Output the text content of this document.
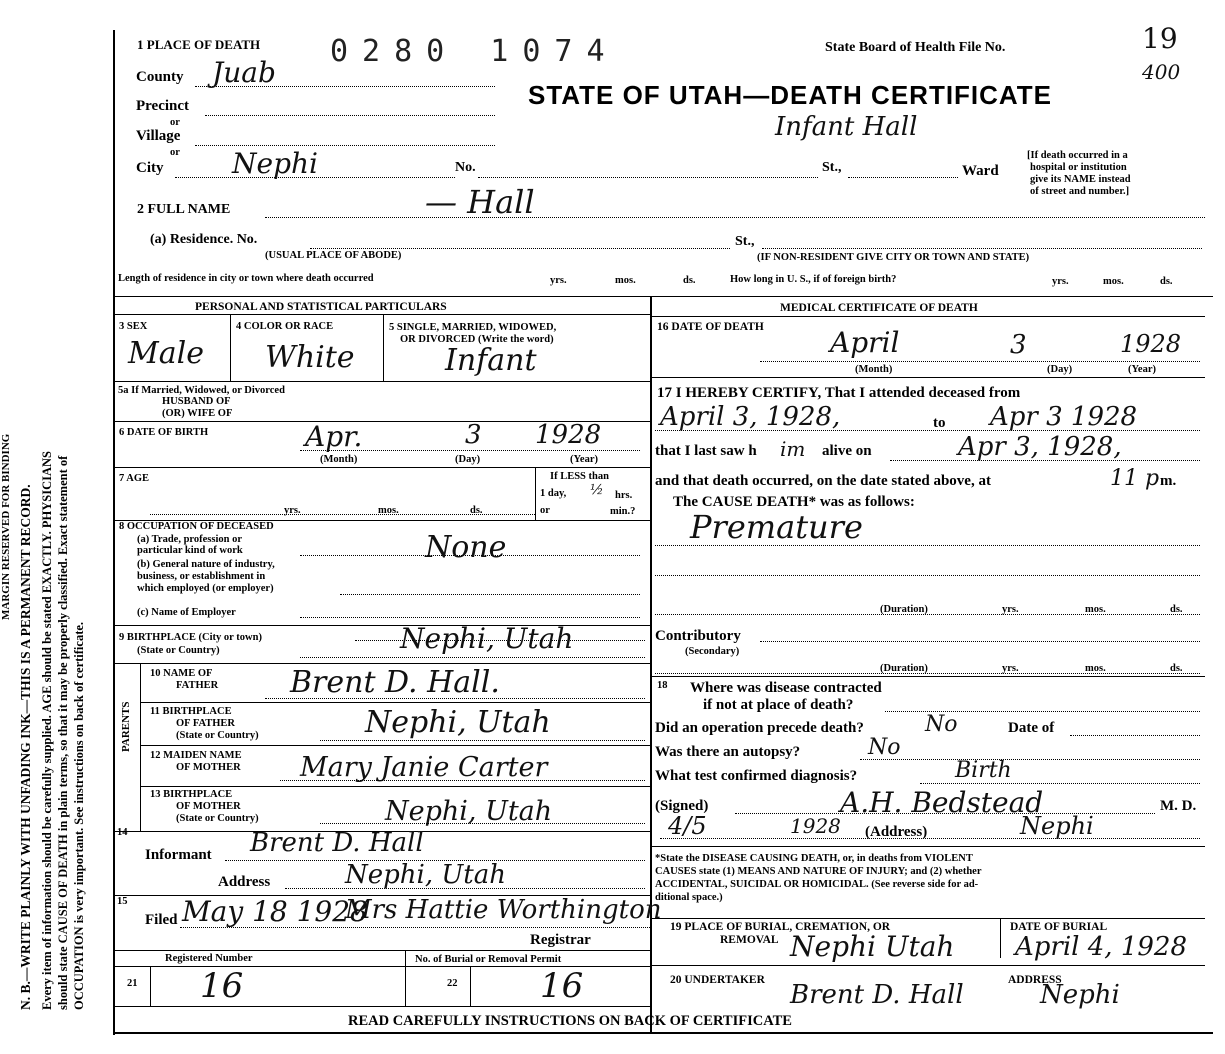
N. B.—WRITE PLAINLY WITH UNFADING INK—THIS IS A PERMANENT RECORD. Every item of information should be carefully supplied. AGE should be stated EXACTLY. PHYSICIANS should state CAUSE OF DEATH in plain terms, so that it may be properly classified. Exact statement of OCCUPATION is very important. See instructions on back of certificate.
MARGIN RESERVED FOR BINDING
1 PLACE OF DEATH 0280 1074	State Board of Health File No.	19
400
STATE OF UTAH—DEATH CERTIFICATE
Infant Hall
County Juab
Precinct
or
Village
or
City Nephi	No.	St.,	Ward
[If death occurred in a
hospital or institution
give its NAME instead
of street and number.]
2 FULL NAME	— Hall
(a) Residence. No.	St.,
(USUAL PLACE OF ABODE)	(IF NON-RESIDENT GIVE CITY OR TOWN AND STATE)
Length of residence in city or town where death occurred	yrs.	mos.	ds.	How long in U. S., if of foreign birth?	yrs.	mos.	ds.
PERSONAL AND STATISTICAL PARTICULARS
3 SEX	4 COLOR OR RACE	5 SINGLE, MARRIED, WIDOWED,
OR DIVORCED (Write the word)
Male White	Infant
5a If Married, Widowed, or Divorced
HUSBAND OF
(OR) WIFE OF
6 DATE OF BIRTH	Apr.	3 1928
(Month)	(Day)	(Year)
7 AGE
yrs.	mos.	ds.
If LESS than
1 day, ½ hrs.
or	min.?
8 OCCUPATION OF DECEASED
(a) Trade, profession or
particular kind of work
(b) General nature of industry,
business, or establishment in
which employed (or employer)
None
(c) Name of Employer
9 BIRTHPLACE (City or town)
(State or Country)	Nephi, Utah
PARENTS
10 NAME OF
FATHER Brent D. Hall.
11 BIRTHPLACE
OF FATHER
(State or Country)	Nephi, Utah
12 MAIDEN NAME
OF MOTHER Mary Janie Carter
13 BIRTHPLACE
OF MOTHER
(State or Country)	Nephi, Utah
14
Informant Brent D. Hall
Address	Nephi, Utah
15
Filed May 18 1928
Mrs Hattie Worthington
Registrar
Registered Number	No. of Burial or Removal Permit
21 16	22 16
READ CAREFULLY INSTRUCTIONS ON BACK OF CERTIFICATE
MEDICAL CERTIFICATE OF DEATH
16 DATE OF DEATH April	3	1928
(Month)	(Day)	(Year)
17 I HEREBY CERTIFY, That I attended deceased from
April 3, 1928,	to Apr 3 1928
that I last saw h im alive on	Apr 3, 1928,
and that death occurred, on the date stated above, at	11 p m.
The CAUSE DEATH* was as follows:
Premature
(Duration)	yrs.	mos.	ds.
Contributory
(Secondary)
(Duration)	yrs.	mos.	ds.
18 Where was disease contracted
if not at place of death?
Did an operation precede death?	No	Date of
Was there an autopsy?	No
What test confirmed diagnosis?	Birth
(Signed)	A.H. Bedstead	M. D.
4/5	1928 (Address)	Nephi
*State the DISEASE CAUSING DEATH, or, in deaths from VIOLENT
CAUSES state (1) MEANS AND NATURE OF INJURY; and (2) whether
ACCIDENTAL, SUICIDAL OR HOMICIDAL. (See reverse side for ad-
ditional space.)
19 PLACE OF BURIAL, CREMATION, OR
REMOVAL Nephi Utah
DATE OF BURIAL
April 4, 1928
20 UNDERTAKER Brent D. Hall	ADDRESS
Nephi
